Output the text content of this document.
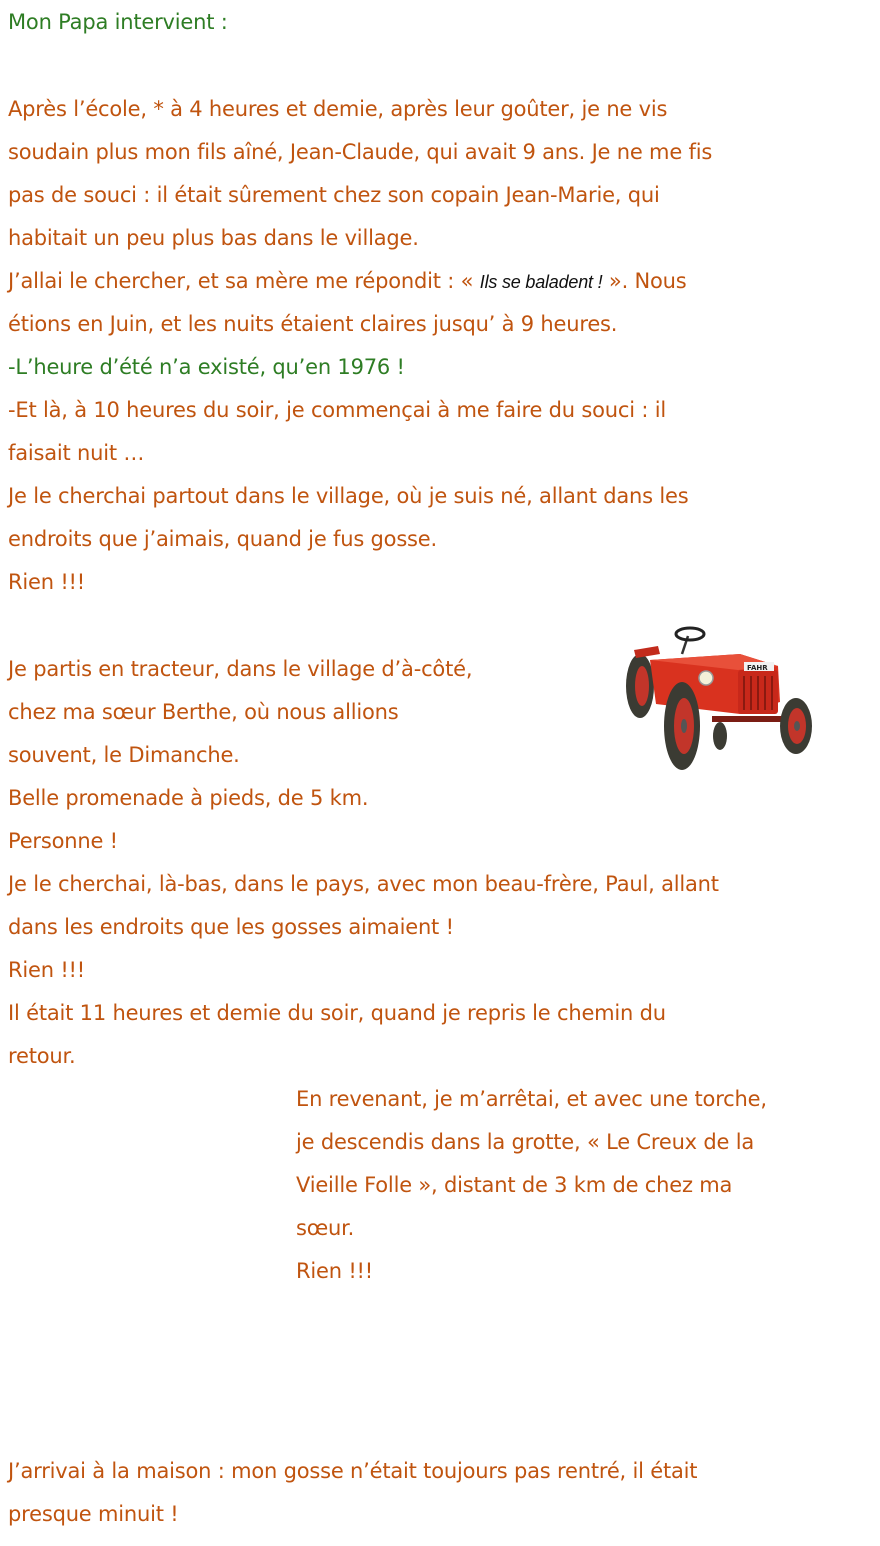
Mon Papa intervient :
Après l’école, * à 4 heures et demie, après leur goûter, je ne vis
soudain plus mon fils aîné, Jean-Claude, qui avait 9 ans. Je ne me fis
pas de souci : il était sûrement chez son copain Jean-Marie, qui
habitait un peu plus bas dans le village.
J’allai le chercher, et sa mère me répondit : « Ils se baladent ! ». Nous
étions en Juin, et les nuits étaient claires jusqu’ à 9 heures.
-L’heure d’été n’a existé, qu’en 1976 !
-Et là, à 10 heures du soir, je commençai à me faire du souci : il
faisait nuit …
Je le cherchai partout dans le village, où je suis né, allant dans les
endroits que j’aimais, quand je fus gosse.
Rien !!!
Je partis en tracteur, dans le village d’à-côté,
chez ma sœur Berthe, où nous allions
souvent, le Dimanche.
Belle promenade à pieds, de 5 km.
Personne !
Je le cherchai, là-bas, dans le pays, avec mon beau-frère, Paul, allant
dans les endroits que les gosses aimaient !
Rien !!!
Il était 11 heures et demie du soir, quand je repris le chemin du
retour.
En revenant, je m’arrêtai, et avec une torche,
je descendis dans la grotte, « Le Creux de la
Vieille Folle », distant de 3 km de chez ma
sœur.
Rien !!!
J’arrivai à la maison : mon gosse n’était toujours pas rentré, il était
presque minuit !
FAHR
